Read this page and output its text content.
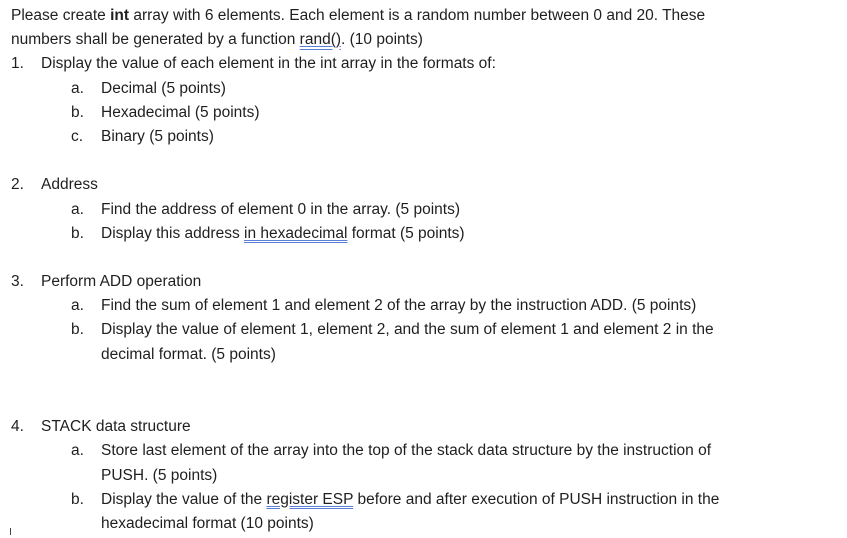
Please create int array with 6 elements. Each element is a random number between 0 and 20. These
numbers shall be generated by a function rand(). (10 points)
1. Display the value of each element in the int array in the formats of:
a. Decimal (5 points)
b. Hexadecimal (5 points)
c. Binary (5 points)
2. Address
a. Find the address of element 0 in the array. (5 points)
b. Display this address in hexadecimal format (5 points)
3. Perform ADD operation
a. Find the sum of element 1 and element 2 of the array by the instruction ADD. (5 points)
b. Display the value of element 1, element 2, and the sum of element 1 and element 2 in the
decimal format. (5 points)
4. STACK data structure
a. Store last element of the array into the top of the stack data structure by the instruction of
PUSH. (5 points)
b. Display the value of the register ESP before and after execution of PUSH instruction in the
hexadecimal format (10 points)
